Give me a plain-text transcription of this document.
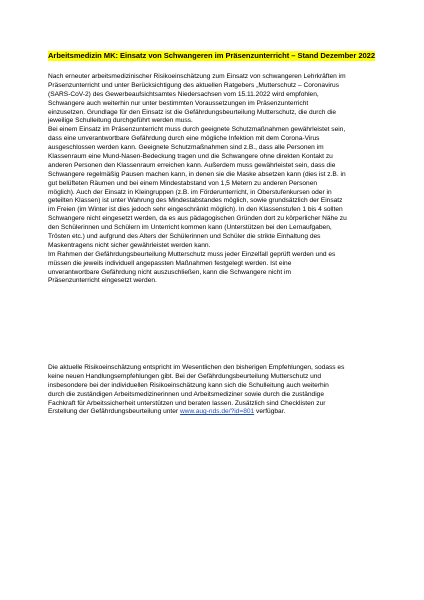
Arbeitsmedizin MK: Einsatz von Schwangeren im Präsenzunterricht – Stand Dezember 2022
Nach erneuter arbeitsmedizinischer Risikoeinschätzung zum Einsatz von schwangeren Lehrkräften im
Präsenzunterricht und unter Berücksichtigung des aktuellen Ratgebers „Mutterschutz – Coronavirus
(SARS-CoV-2) des Gewerbeaufsichtsamtes Niedersachsen vom 15.11.2022 wird empfohlen,
Schwangere auch weiterhin nur unter bestimmten Voraussetzungen im Präsenzunterricht
einzusetzen. Grundlage für den Einsatz ist die Gefährdungsbeurteilung Mutterschutz, die durch die
jeweilige Schulleitung durchgeführt werden muss.
Bei einem Einsatz im Präsenzunterricht muss durch geeignete Schutzmaßnahmen gewährleistet sein,
dass eine unverantwortbare Gefährdung durch eine mögliche Infektion mit dem Corona-Virus
ausgeschlossen werden kann. Geeignete Schutzmaßnahmen sind z.B., dass alle Personen im
Klassenraum eine Mund-Nasen-Bedeckung tragen und die Schwangere ohne direkten Kontakt zu
anderen Personen den Klassenraum erreichen kann. Außerdem muss gewährleistet sein, dass die
Schwangere regelmäßig Pausen machen kann, in denen sie die Maske absetzen kann (dies ist z.B. in
gut belüfteten Räumen und bei einem Mindestabstand von 1,5 Metern zu anderen Personen
möglich). Auch der Einsatz in Kleingruppen (z.B. im Förderunterricht, in Oberstufenkursen oder in
geteilten Klassen) ist unter Wahrung des Mindestabstandes möglich, sowie grundsätzlich der Einsatz
im Freien (im Winter ist dies jedoch sehr eingeschränkt möglich). In den Klassenstufen 1 bis 4 sollten
Schwangere nicht eingesetzt werden, da es aus pädagogischen Gründen dort zu körperlicher Nähe zu
den Schülerinnen und Schülern im Unterricht kommen kann (Unterstützen bei den Lernaufgaben,
Trösten etc.) und aufgrund des Alters der Schülerinnen und Schüler die strikte Einhaltung des
Maskentragens nicht sicher gewährleistet werden kann.
Im Rahmen der Gefährdungsbeurteilung Mutterschutz muss jeder Einzelfall geprüft werden und es
müssen die jeweils individuell angepassten Maßnahmen festgelegt werden. Ist eine
unverantwortbare Gefährdung nicht auszuschließen, kann die Schwangere nicht im
Präsenzunterricht eingesetzt werden.
Die aktuelle Risikoeinschätzung entspricht im Wesentlichen den bisherigen Empfehlungen, sodass es
keine neuen Handlungsempfehlungen gibt. Bei der Gefährdungsbeurteilung Mutterschutz und
insbesondere bei der individuellen Risikoeinschätzung kann sich die Schulleitung auch weiterhin
durch die zuständigen Arbeitsmedizinerinnen und Arbeitsmediziner sowie durch die zuständige
Fachkraft für Arbeitssicherheit unterstützen und beraten lassen. Zusätzlich sind Checklisten zur
Erstellung der Gefährdungsbeurteilung unter www.aug-nds.de/?id=801 verfügbar.
